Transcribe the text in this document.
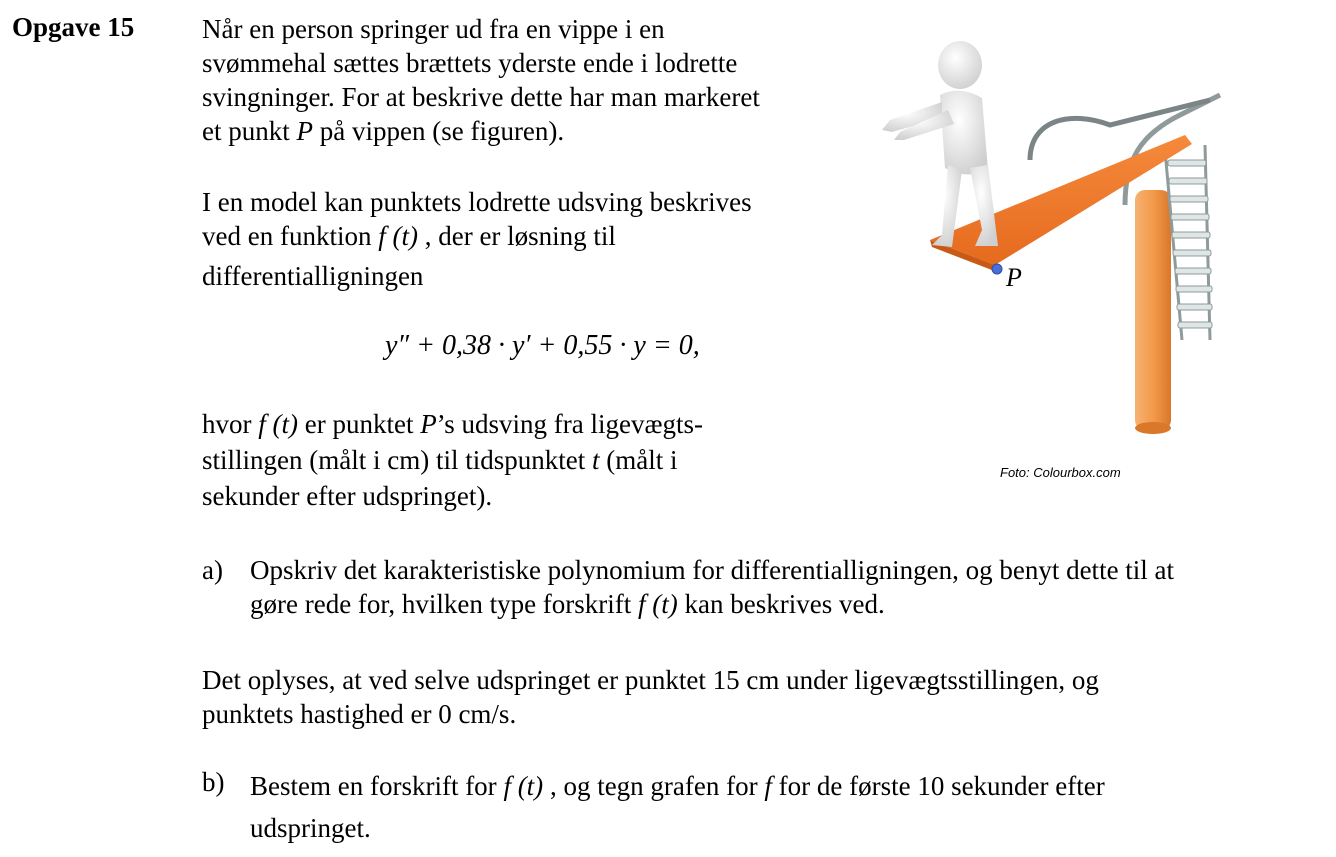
Opgave 15	Når en person springer ud fra en vippe i en
svømmehal sættes brættets yderste ende i lodrette
svingninger. For at beskrive dette har man markeret
et punkt P på vippen (se figuren).
I en model kan punktets lodrette udsving beskrives
ved en funktion f (t) , der er løsning til
differentialligningen
y″ + 0,38 · y′ + 0,55 · y = 0,
hvor f (t) er punktet P’s udsving fra ligevægts-
stillingen (målt i cm) til tidspunktet t (målt i
sekunder efter udspringet).
P
Foto: Colourbox.com
a) Opskriv det karakteristiske polynomium for differentialligningen, og benyt dette til at
gøre rede for, hvilken type forskrift f (t) kan beskrives ved.
Det oplyses, at ved selve udspringet er punktet 15 cm under ligevægtsstillingen, og
punktets hastighed er 0 cm/s.
b) Bestem en forskrift for f (t) , og tegn grafen for f for de første 10 sekunder efter
udspringet.
